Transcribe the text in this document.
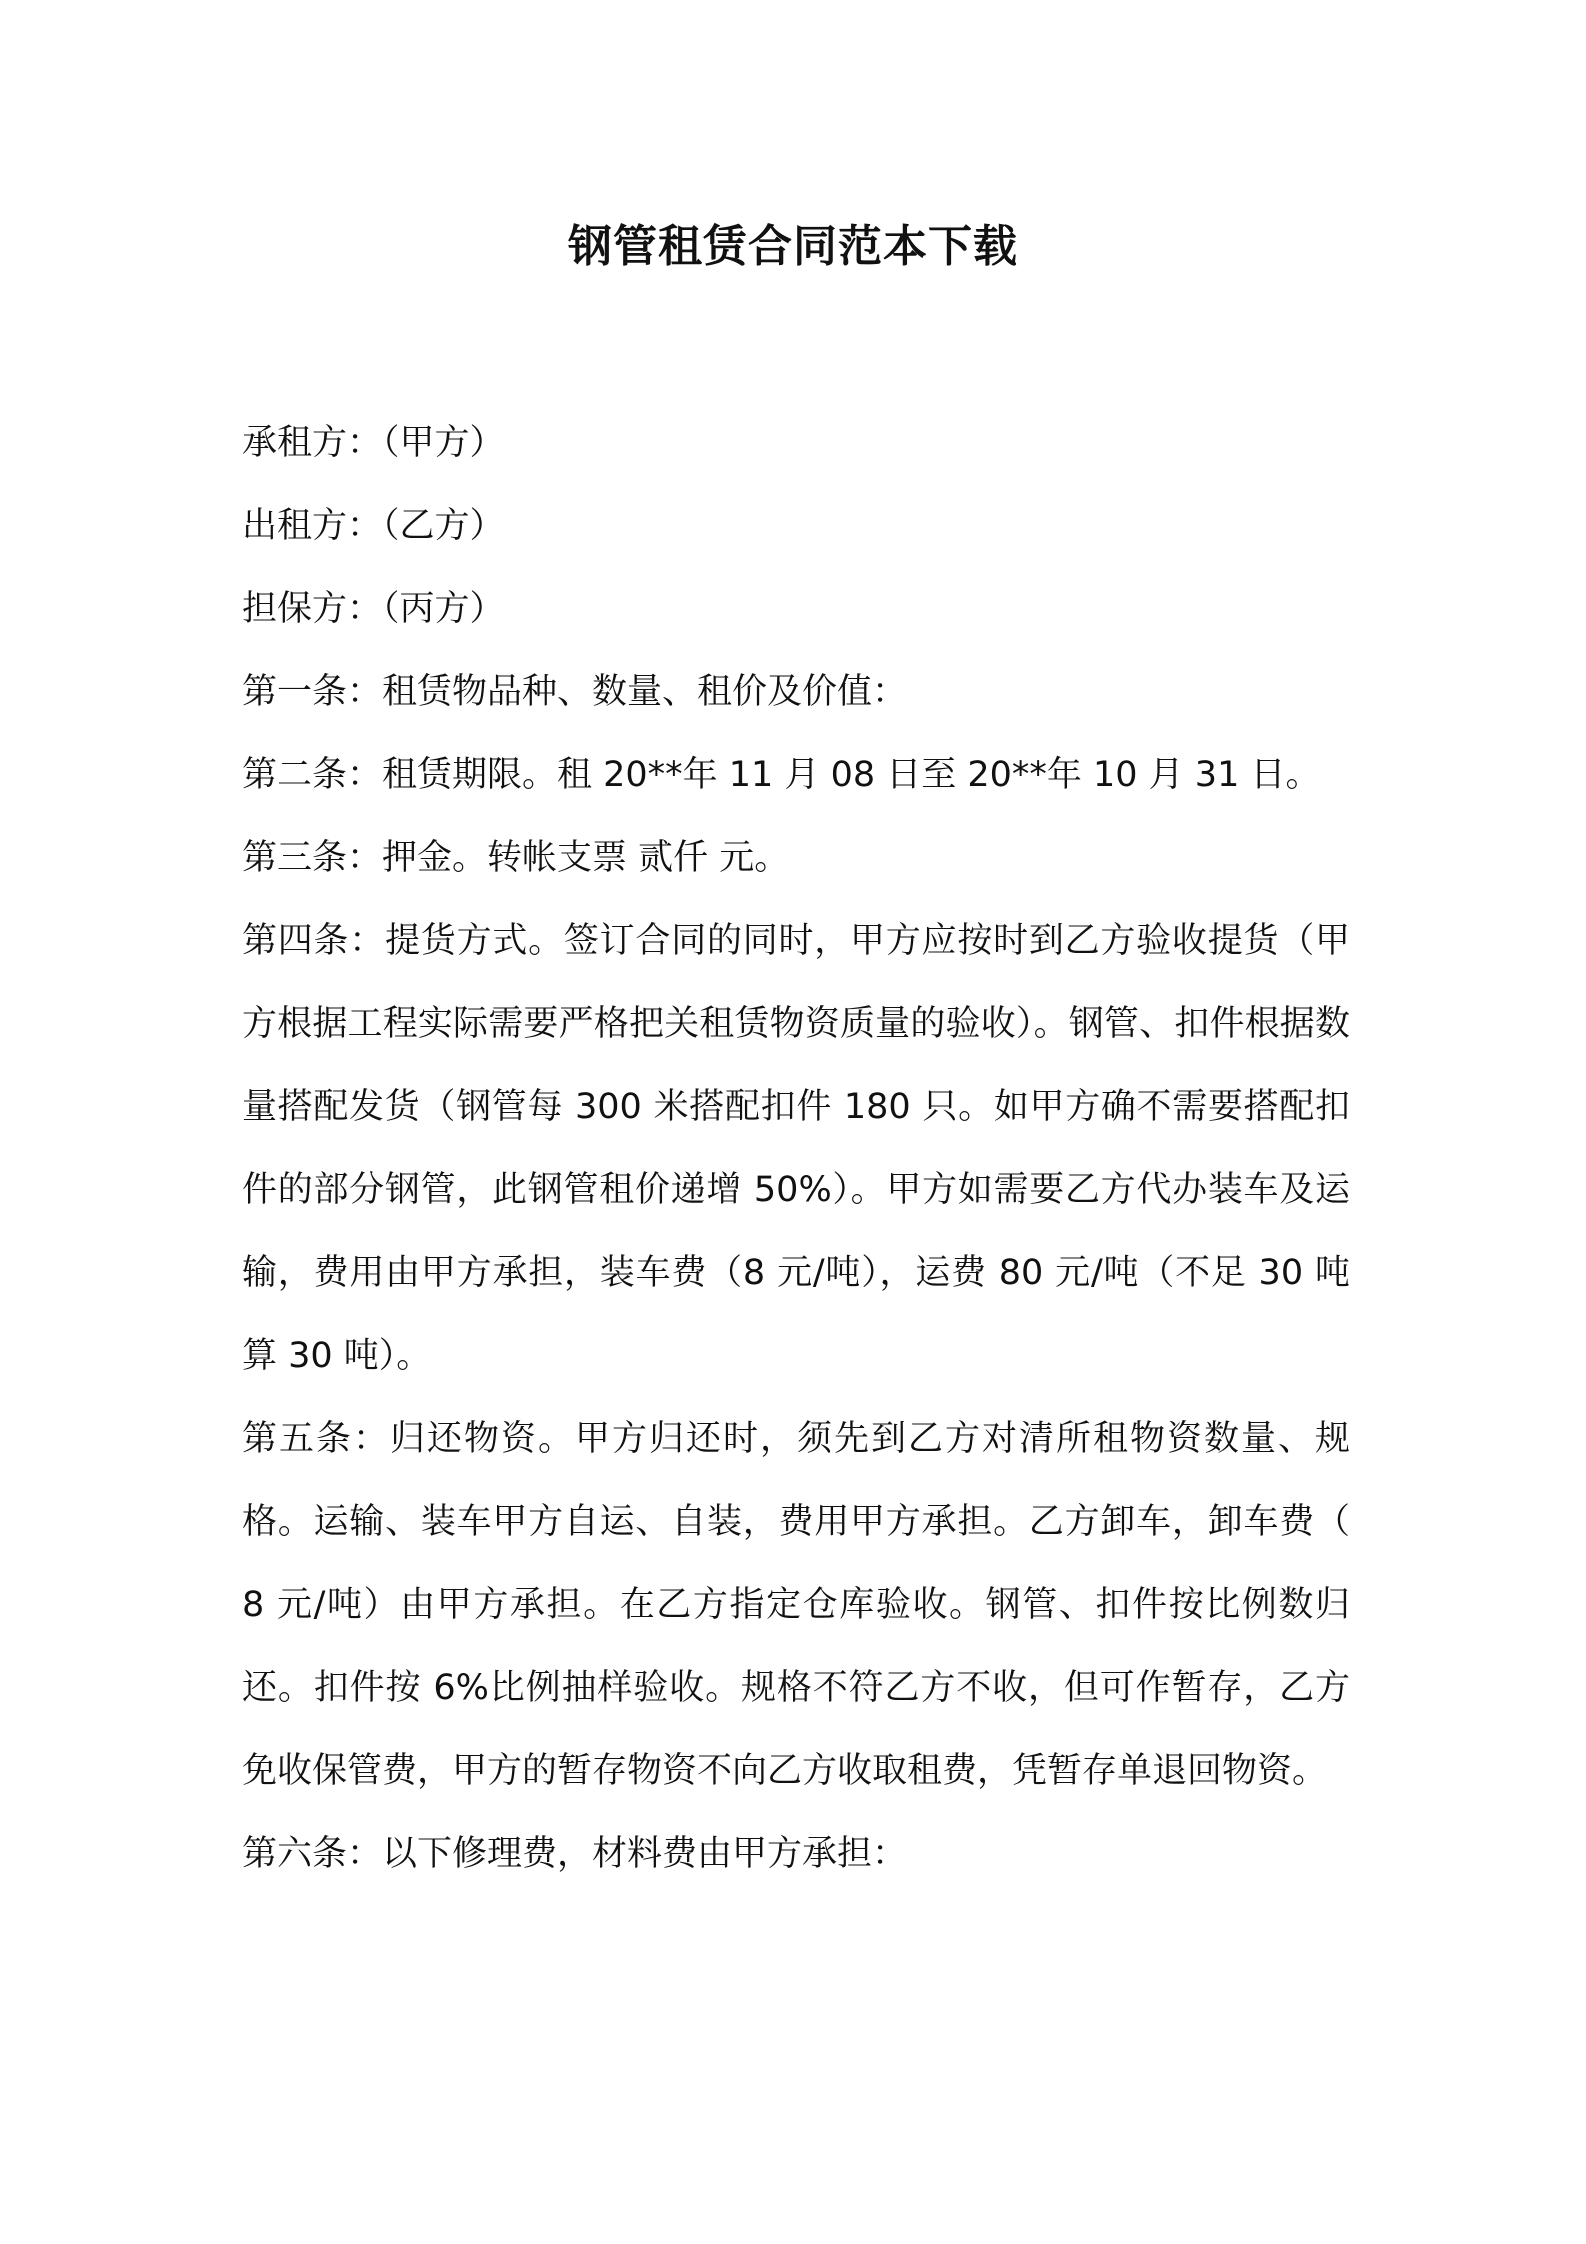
钢管租赁合同范本下载

承租方：（甲方）

出租方：（乙方）

担保方：（丙方）

第一条：租赁物品种、数量、租价及价值：

第二条：租赁期限。租 20**年 11 月 08 日至 20**年 10 月 31 日。

第三条：押金。转帐支票 贰仟 元。

第四条：提货方式。签订合同的同时，甲方应按时到乙方验收提货（甲方根据工程实际需要严格把关租赁物资质量的验收）。钢管、扣件根据数量搭配发货（钢管每 300 米搭配扣件 180 只。如甲方确不需要搭配扣件的部分钢管，此钢管租价递增 50%）。甲方如需要乙方代办装车及运输，费用由甲方承担，装车费（8 元/吨），运费 80 元/吨（不足 30 吨算 30 吨）。

第五条：归还物资。甲方归还时，须先到乙方对清所租物资数量、规格。运输、装车甲方自运、自装，费用甲方承担。乙方卸车，卸车费（ 8 元/吨）由甲方承担。在乙方指定仓库验收。钢管、扣件按比例数归还。扣件按 6%比例抽样验收。规格不符乙方不收，但可作暂存，乙方免收保管费，甲方的暂存物资不向乙方收取租费，凭暂存单退回物资。

第六条：以下修理费，材料费由甲方承担：
